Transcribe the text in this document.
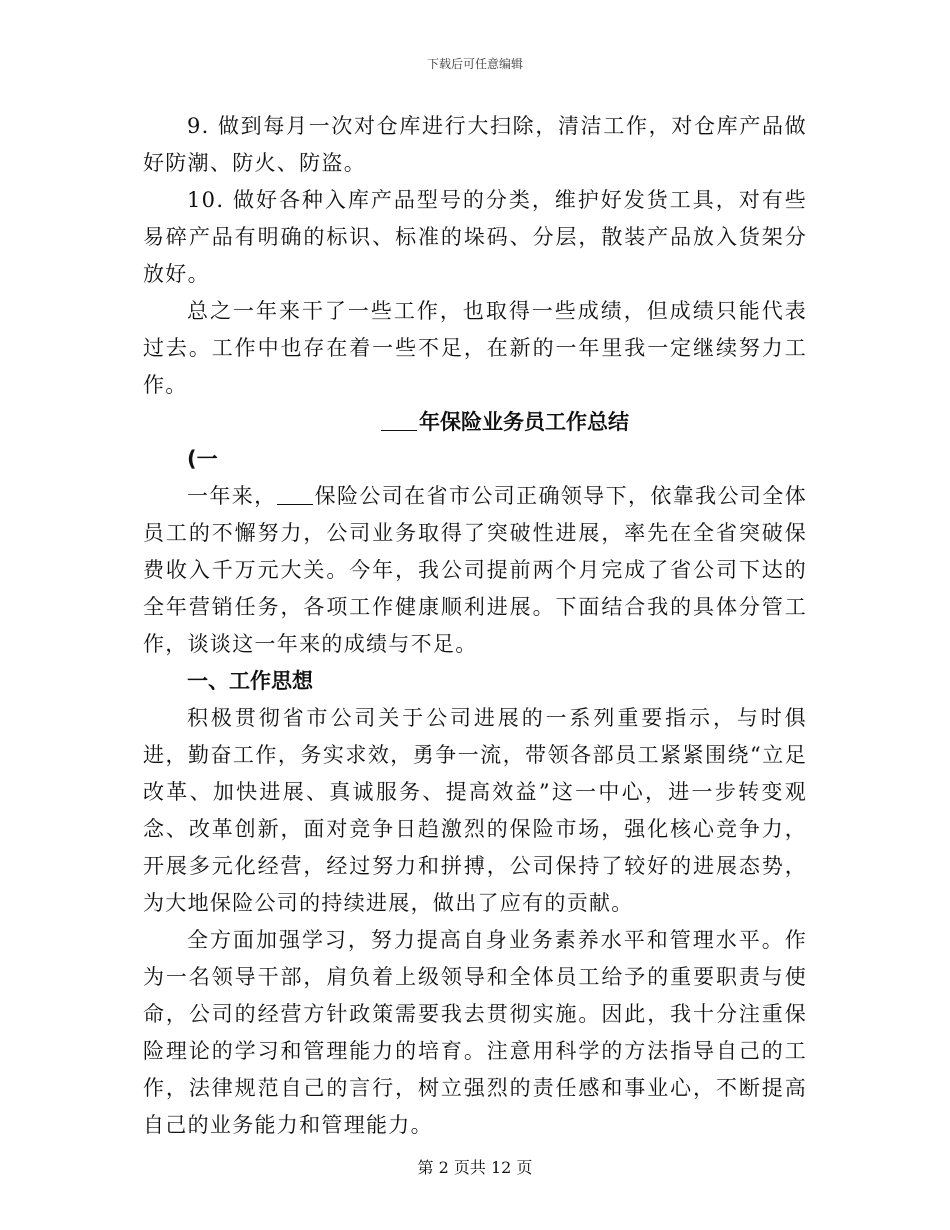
下载后可任意编辑

9. 做到每月一次对仓库进行大扫除，清洁工作，对仓库产品做好防潮、防火、防盗。

10. 做好各种入库产品型号的分类，维护好发货工具，对有些易碎产品有明确的标识、标准的垛码、分层，散装产品放入货架分放好。

总之一年来干了一些工作，也取得一些成绩，但成绩只能代表过去。工作中也存在着一些不足，在新的一年里我一定继续努力工作。

年保险业务员工作总结

(一

一年来， 保险公司在省市公司正确领导下，依靠我公司全体员工的不懈努力，公司业务取得了突破性进展，率先在全省突破保费收入千万元大关。今年，我公司提前两个月完成了省公司下达的全年营销任务，各项工作健康顺利进展。下面结合我的具体分管工作，谈谈这一年来的成绩与不足。

一、工作思想

积极贯彻省市公司关于公司进展的一系列重要指示，与时俱进，勤奋工作，务实求效，勇争一流，带领各部员工紧紧围绕“立足改革、加快进展、真诚服务、提高效益”这一中心，进一步转变观念、改革创新，面对竞争日趋激烈的保险市场，强化核心竞争力，开展多元化经营，经过努力和拼搏，公司保持了较好的进展态势，为大地保险公司的持续进展，做出了应有的贡献。

全方面加强学习，努力提高自身业务素养水平和管理水平。作为一名领导干部，肩负着上级领导和全体员工给予的重要职责与使命，公司的经营方针政策需要我去贯彻实施。因此，我十分注重保险理论的学习和管理能力的培育。注意用科学的方法指导自己的工作，法律规范自己的言行，树立强烈的责任感和事业心，不断提高自己的业务能力和管理能力。

第 2 页共 12 页
